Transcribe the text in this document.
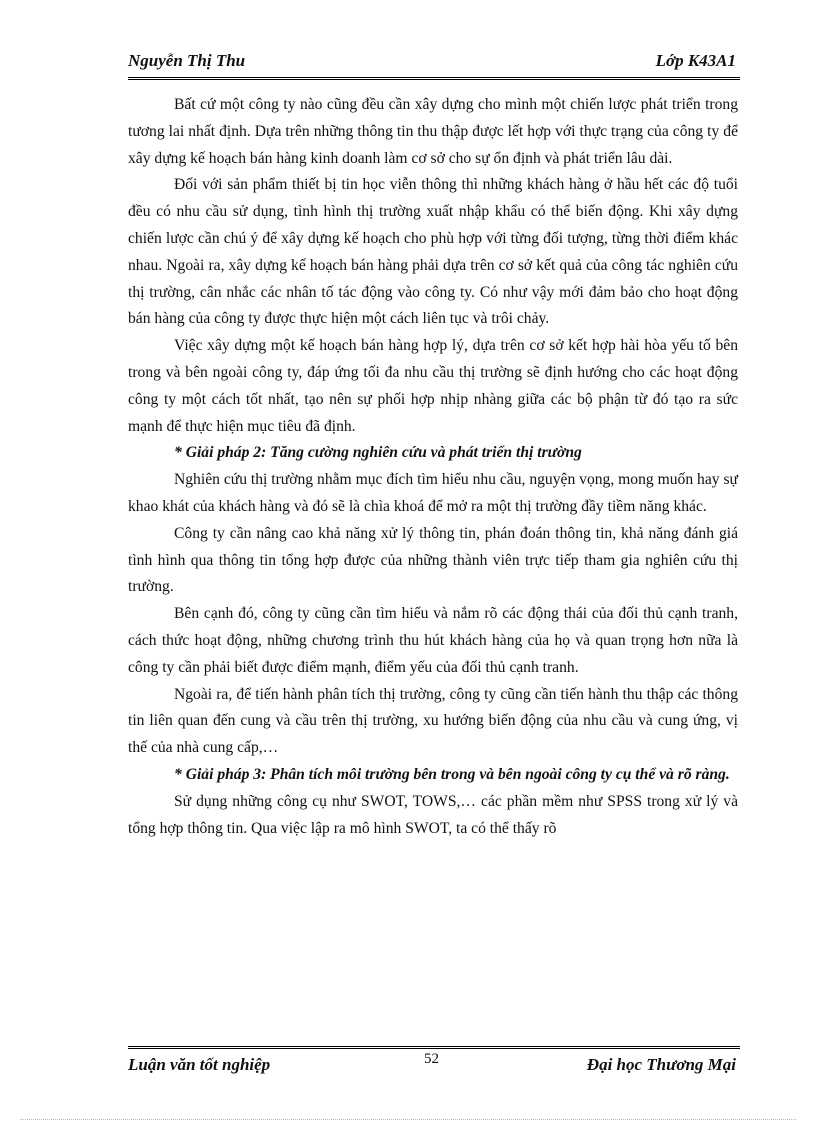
Nguyễn Thị Thu	Lớp K43A1

Bất cứ một công ty nào cũng đều cần xây dựng cho mình một chiến lược phát triển trong tương lai nhất định. Dựa trên những thông tin thu thập được lết hợp với thực trạng của công ty để xây dựng kế hoạch bán hàng kinh doanh làm cơ sở cho sự ổn định và phát triển lâu dài.

Đối với sản phẩm thiết bị tin học viễn thông thì những khách hàng ở hầu hết các độ tuổi đều có nhu cầu sử dụng, tình hình thị trường xuất nhập khẩu có thể biến động. Khi xây dựng chiến lược cần chú ý để xây dựng kế hoạch cho phù hợp với từng đối tượng, từng thời điểm khác nhau. Ngoài ra, xây dựng kế hoạch bán hàng phải dựa trên cơ sở kết quả của công tác nghiên cứu thị trường, cân nhắc các nhân tố tác động vào công ty. Có như vậy mới đảm bảo cho hoạt động bán hàng của công ty được thực hiện một cách liên tục và trôi chảy.

Việc xây dựng một kế hoạch bán hàng hợp lý, dựa trên cơ sở kết hợp hài hòa yếu tố bên trong và bên ngoài công ty, đáp ứng tối đa nhu cầu thị trường sẽ định hướng cho các hoạt động công ty một cách tốt nhất, tạo nên sự phối hợp nhịp nhàng giữa các bộ phận từ đó tạo ra sức mạnh để thực hiện mục tiêu đã định.

* Giải pháp 2: Tăng cường nghiên cứu và phát triển thị trường

Nghiên cứu thị trường nhằm mục đích tìm hiểu nhu cầu, nguyện vọng, mong muốn hay sự khao khát của khách hàng và đó sẽ là chìa khoá để mở ra một thị trường đầy tiềm năng khác.

Công ty cần nâng cao khả năng xử lý thông tin, phán đoán thông tin, khả năng đánh giá tình hình qua thông tin tổng hợp được của những thành viên trực tiếp tham gia nghiên cứu thị trường.

Bên cạnh đó, công ty cũng cần tìm hiểu và nắm rõ các động thái của đối thủ cạnh tranh, cách thức hoạt động, những chương trình thu hút khách hàng của họ và quan trọng hơn nữa là công ty cần phải biết được điểm mạnh, điểm yếu của đối thủ cạnh tranh.

Ngoài ra, để tiến hành phân tích thị trường, công ty cũng cần tiến hành thu thập các thông tin liên quan đến cung và cầu trên thị trường, xu hướng biến động của nhu cầu và cung ứng, vị thế của nhà cung cấp,…

* Giải pháp 3: Phân tích môi trường bên trong và bên ngoài công ty cụ thể và rõ ràng.

Sử dụng những công cụ như SWOT, TOWS,… các phần mềm như SPSS trong xử lý và tổng hợp thông tin. Qua việc lập ra mô hình SWOT, ta có thể thấy rõ

Luận văn tốt nghiệp	52	Đại học Thương Mại
